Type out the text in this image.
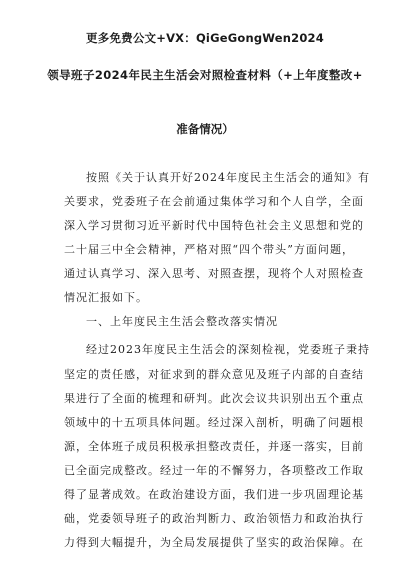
更多免费公文+VX：QiGeGongWen2024
领导班子2024年民主生活会对照检查材料（+上年度整改+
准备情况）
按照《关于认真开好2024年度民主生活会的通知》有
关要求，党委班子在会前通过集体学习和个人自学，全面
深入学习贯彻习近平新时代中国特色社会主义思想和党的
二十届三中全会精神，严格对照“四个带头”方面问题，
通过认真学习、深入思考、对照查摆，现将个人对照检查
情况汇报如下。
一、上年度民主生活会整改落实情况
经过2023年度民主生活会的深刻检视，党委班子秉持
坚定的责任感，对征求到的群众意见及班子内部的自查结
果进行了全面的梳理和研判。此次会议共识别出五个重点
领域中的十五项具体问题。经过深入剖析，明确了问题根
源，全体班子成员积极承担整改责任，并逐一落实，目前
已全面完成整改。经过一年的不懈努力，各项整改工作取
得了显著成效。在政治建设方面，我们进一步巩固理论基
础，党委领导班子的政治判断力、政治领悟力和政治执行
力得到大幅提升，为全局发展提供了坚实的政治保障。在
